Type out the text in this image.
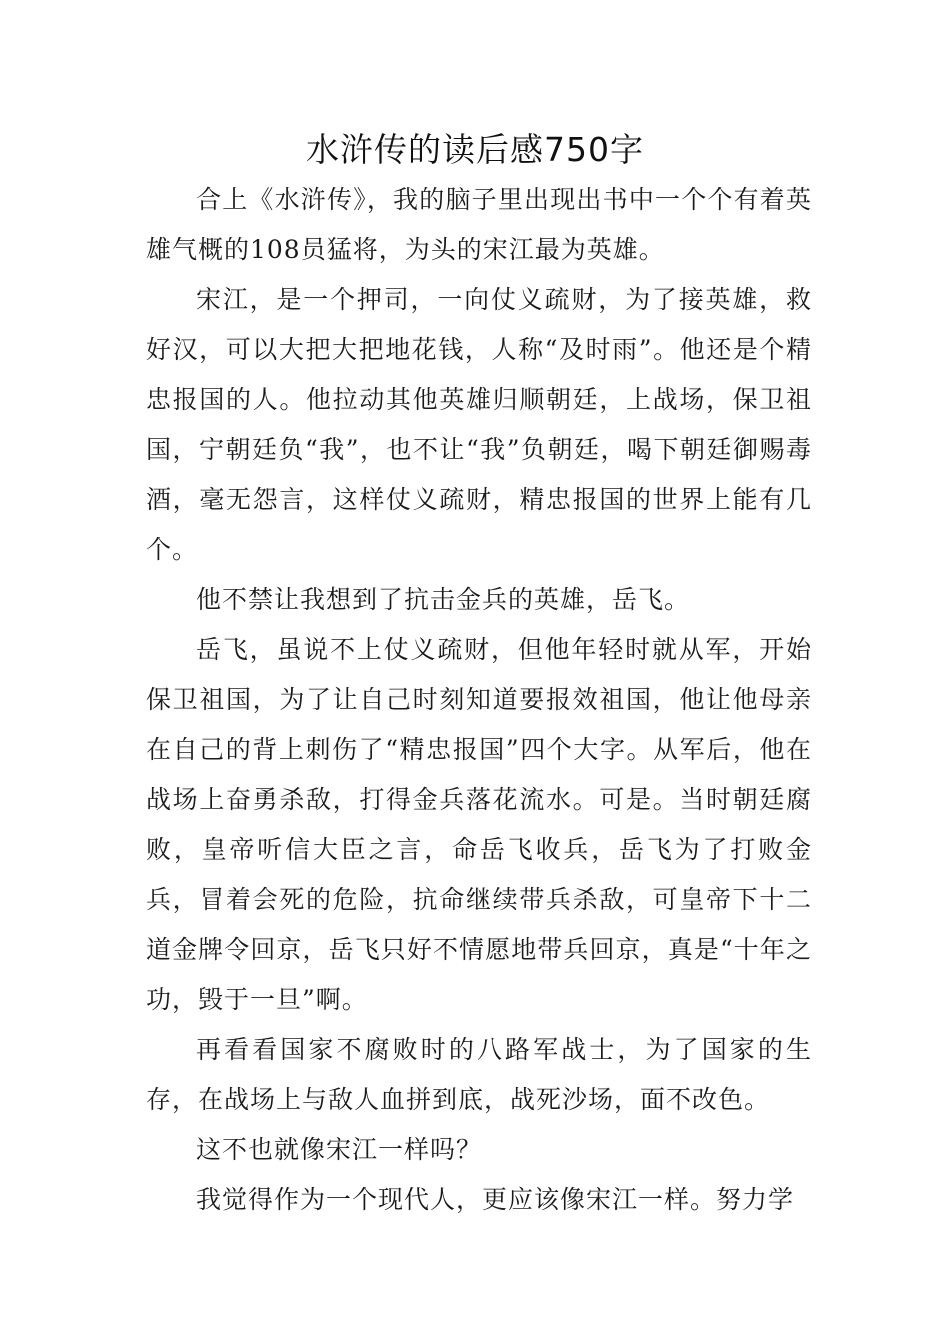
水浒传的读后感750字

合上《水浒传》，我的脑子里出现出书中一个个有着英雄气概的108员猛将，为头的宋江最为英雄。

宋江，是一个押司，一向仗义疏财，为了接英雄，救好汉，可以大把大把地花钱，人称“及时雨”。他还是个精忠报国的人。他拉动其他英雄归顺朝廷，上战场，保卫祖国，宁朝廷负“我”，也不让“我”负朝廷，喝下朝廷御赐毒酒，毫无怨言，这样仗义疏财，精忠报国的世界上能有几个。

他不禁让我想到了抗击金兵的英雄，岳飞。

岳飞，虽说不上仗义疏财，但他年轻时就从军，开始保卫祖国，为了让自己时刻知道要报效祖国，他让他母亲在自己的背上刺伤了“精忠报国”四个大字。从军后，他在战场上奋勇杀敌，打得金兵落花流水。可是。当时朝廷腐败，皇帝听信大臣之言，命岳飞收兵，岳飞为了打败金兵，冒着会死的危险，抗命继续带兵杀敌，可皇帝下十二道金牌令回京，岳飞只好不情愿地带兵回京，真是“十年之功，毁于一旦”啊。

再看看国家不腐败时的八路军战士，为了国家的生存，在战场上与敌人血拼到底，战死沙场，面不改色。

这不也就像宋江一样吗？

我觉得作为一个现代人，更应该像宋江一样。努力学
